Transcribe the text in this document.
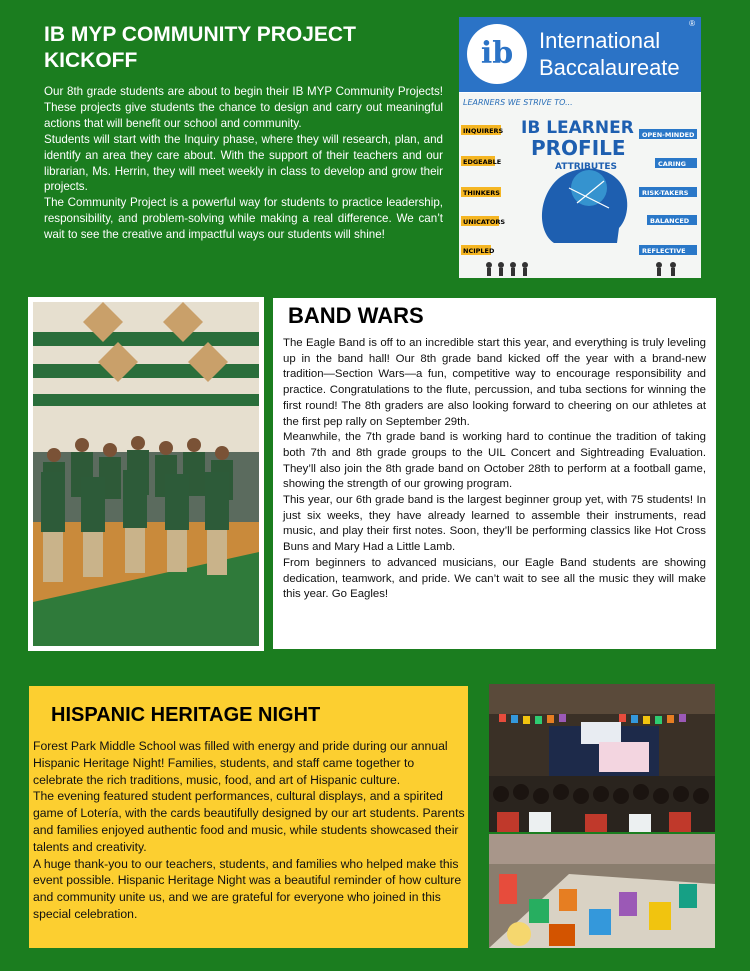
IB MYP COMMUNITY PROJECT KICKOFF

Our 8th grade students are about to begin their IB MYP Community Projects! These projects give students the chance to design and carry out meaningful actions that will benefit our school and community.

Students will start with the Inquiry phase, where they will research, plan, and identify an area they care about. With the support of their teachers and our librarian, Ms. Herrin, they will meet weekly in class to develop and grow their projects.

The Community Project is a powerful way for students to practice leadership, responsibility, and problem-solving while making a real difference. We can’t wait to see the creative and impactful ways our students will shine!

ib	International
Baccalaureate
®
LEARNERS WE STRIVE TO...
IB LEARNER
PROFILE
ATTRIBUTES
INQUIRERS
EDGEABLE
THINKERS
UNICATORS
NCIPLED
OPEN-MINDED
CARING
RISK-TAKERS
BALANCED
REFLECTIVE
BAND WARS

The Eagle Band is off to an incredible start this year, and everything is truly leveling up in the band hall! Our 8th grade band kicked off the year with a brand-new tradition—Section Wars—a fun, competitive way to encourage responsibility and practice. Congratulations to the flute, percussion, and tuba sections for winning the first round! The 8th graders are also looking forward to cheering on our athletes at the first pep rally on September 29th.

Meanwhile, the 7th grade band is working hard to continue the tradition of taking both 7th and 8th grade groups to the UIL Concert and Sightreading Evaluation. They’ll also join the 8th grade band on October 28th to perform at a football game, showing the strength of our growing program.

This year, our 6th grade band is the largest beginner group yet, with 75 students! In just six weeks, they have already learned to assemble their instruments, read music, and play their first notes. Soon, they’ll be performing classics like Hot Cross Buns and Mary Had a Little Lamb.

From beginners to advanced musicians, our Eagle Band students are showing dedication, teamwork, and pride. We can’t wait to see all the music they will make this year. Go Eagles!

HISPANIC HERITAGE NIGHT

Forest Park Middle School was filled with energy and pride during our annual Hispanic Heritage Night! Families, students, and staff came together to celebrate the rich traditions, music, food, and art of Hispanic culture.

The evening featured student performances, cultural displays, and a spirited game of Lotería, with the cards beautifully designed by our art students. Parents and families enjoyed authentic food and music, while students showcased their talents and creativity.

A huge thank-you to our teachers, students, and families who helped make this event possible. Hispanic Heritage Night was a beautiful reminder of how culture and community unite us, and we are grateful for everyone who joined in this special celebration.
